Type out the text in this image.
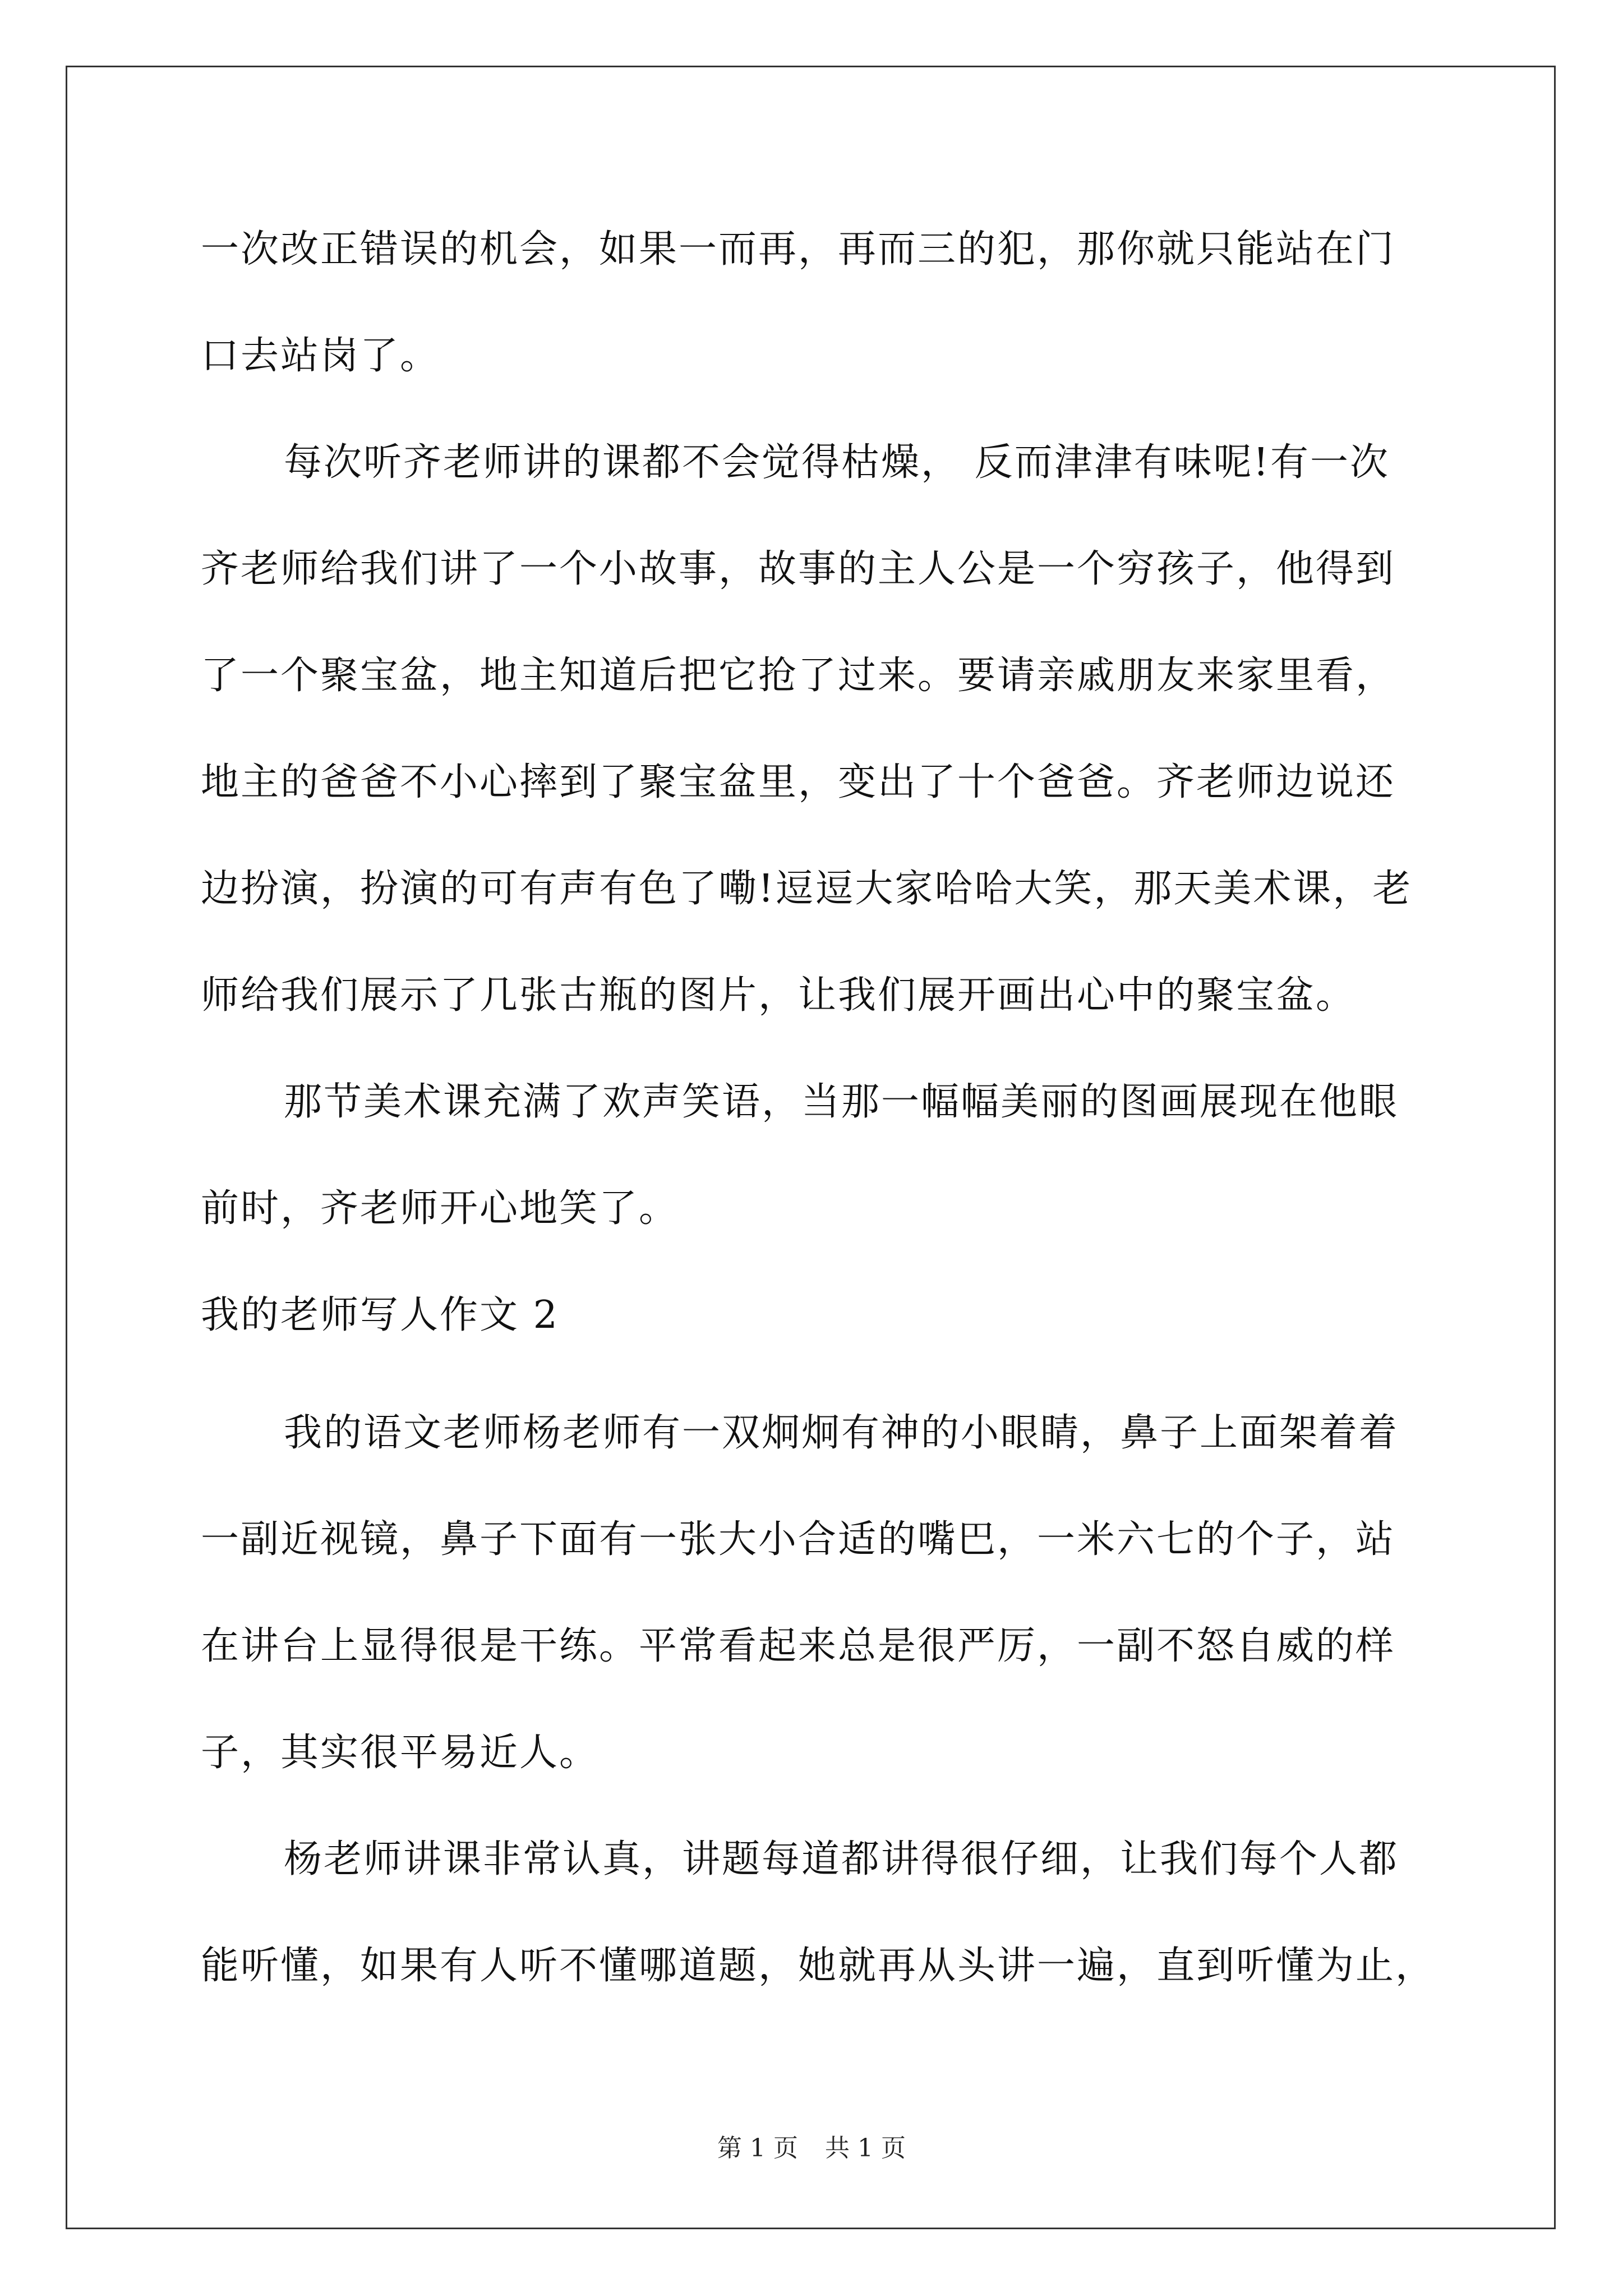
一次改正错误的机会，如果一而再，再而三的犯，那你就只能站在门
口去站岗了。
每次听齐老师讲的课都不会觉得枯燥， 反而津津有味呢!有一次
齐老师给我们讲了一个小故事，故事的主人公是一个穷孩子，他得到
了一个聚宝盆，地主知道后把它抢了过来。要请亲戚朋友来家里看，
地主的爸爸不小心摔到了聚宝盆里，变出了十个爸爸。齐老师边说还
边扮演，扮演的可有声有色了嘞!逗逗大家哈哈大笑，那天美术课，老
师给我们展示了几张古瓶的图片，让我们展开画出心中的聚宝盆。
那节美术课充满了欢声笑语，当那一幅幅美丽的图画展现在他眼
前时，齐老师开心地笑了。
我的老师写人作文 2
我的语文老师杨老师有一双炯炯有神的小眼睛，鼻子上面架着着
一副近视镜，鼻子下面有一张大小合适的嘴巴，一米六七的个子，站
在讲台上显得很是干练。平常看起来总是很严厉，一副不怒自威的样
子，其实很平易近人。
杨老师讲课非常认真，讲题每道都讲得很仔细，让我们每个人都
能听懂，如果有人听不懂哪道题，她就再从头讲一遍，直到听懂为止，
第 1 页 共 1 页
